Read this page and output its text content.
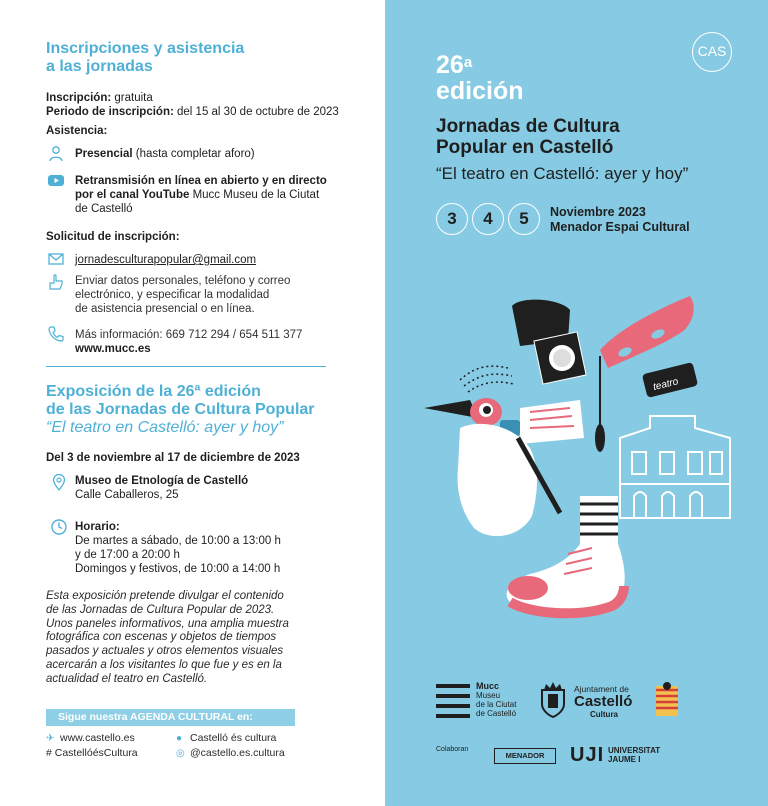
Inscripciones y asistencia
a las jornadas
Inscripción: gratuita
Periodo de inscripción: del 15 al 30 de octubre de 2023
Asistencia:
Presencial (hasta completar aforo)
Retransmisión en línea en abierto y en directo
por el canal YouTube Mucc Museu de la Ciutat
de Castelló
Solicitud de inscripción:
jornadesculturapopular@gmail.com
Enviar datos personales, teléfono y correo
electrónico, y especificar la modalidad
de asistencia presencial o en línea.
Más información: 669 712 294 / 654 511 377
www.mucc.es
Exposición de la 26ª edición
de las Jornadas de Cultura Popular
“El teatro en Castelló: ayer y hoy”
Del 3 de noviembre al 17 de diciembre de 2023
Museo de Etnología de Castelló
Calle Caballeros, 25
Horario:
De martes a sábado, de 10:00 a 13:00 h
y de 17:00 a 20:00 h
Domingos y festivos, de 10:00 a 14:00 h
Esta exposición pretende divulgar el contenido
de las Jornadas de Cultura Popular de 2023.
Unos paneles informativos, una amplia muestra
fotográfica con escenas y objetos de tiempos
pasados y actuales y otros elementos visuales
acercarán a los visitantes lo que fue y es en la
actualidad el teatro en Castelló.
Sigue nuestra AGENDA CULTURAL en:
✈ www.castello.es
# CastellóésCultura
● Castelló és cultura
◎ @castello.es.cultura
CAS
26$^a$
edición
Jornadas de Cultura
Popular en Castelló
“El teatro en Castelló: ayer y hoy”
3	4	5	Noviembre 2023
Menador Espai Cultural
teatro
Mucc
Museu
de la Ciutat
de Castelló
Ajuntament de
Castelló
Cultura
Colaboran
MENADOR	UJI UNIVERSITAT
JAUME I
